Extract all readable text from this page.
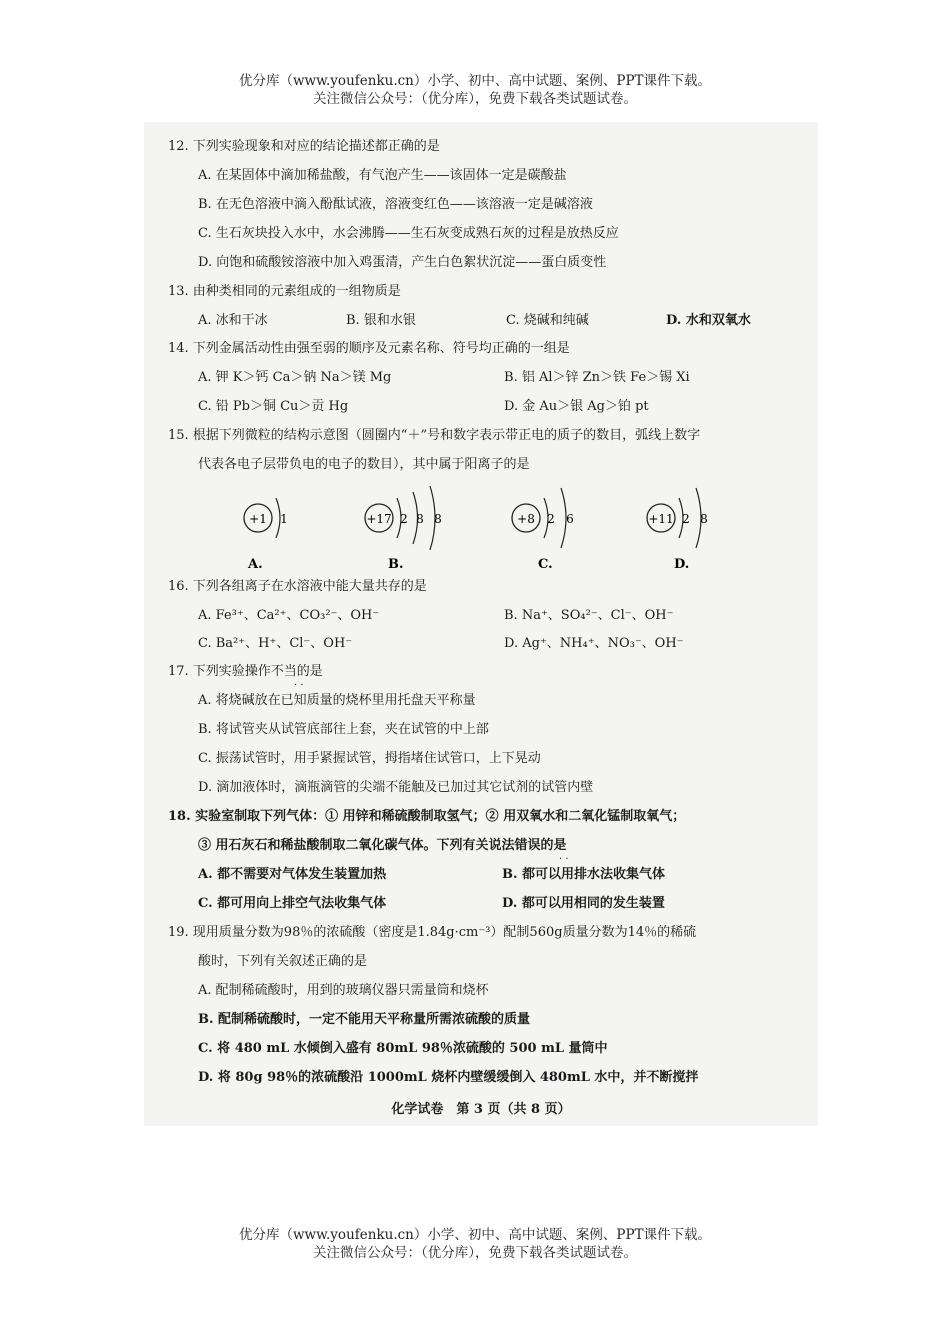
优分库（www.youfenku.cn）小学、初中、高中试题、案例、PPT课件下载。
关注微信公众号：（优分库），免费下载各类试题试卷。
12. 下列实验现象和对应的结论描述都正确的是
A. 在某固体中滴加稀盐酸，有气泡产生——该固体一定是碳酸盐
B. 在无色溶液中滴入酚酞试液，溶液变红色——该溶液一定是碱溶液
C. 生石灰块投入水中，水会沸腾——生石灰变成熟石灰的过程是放热反应
D. 向饱和硫酸铵溶液中加入鸡蛋清，产生白色絮状沉淀——蛋白质变性
13. 由种类相同的元素组成的一组物质是
A. 冰和干冰	B. 银和水银	C. 烧碱和纯碱	D. 水和双氧水
14. 下列金属活动性由强至弱的顺序及元素名称、符号均正确的一组是
A. 钾 K＞钙 Ca＞钠 Na＞镁 Mg	B. 铝 Al＞锌 Zn＞铁 Fe＞锡 Xi
C. 铅 Pb＞铜 Cu＞贡 Hg	D. 金 Au＞银 Ag＞铂 pt
15. 根据下列微粒的结构示意图（圆圈内“＋”号和数字表示带正电的质子的数目，弧线上数字
代表各电子层带负电的电子的数目），其中属于阳离子的是
+1 1
A.
+17 2 8 8
B.
+8 2 6
C.
+11 2 8
D.
16. 下列各组离子在水溶液中能大量共存的是
A. Fe³⁺、Ca²⁺、CO₃²⁻、OH⁻	B. Na⁺、SO₄²⁻、Cl⁻、OH⁻
C. Ba²⁺、H⁺、Cl⁻、OH⁻	D. Ag⁺、NH₄⁺、NO₃⁻、OH⁻
17. 下列实验操作不当的是
· ·
A. 将烧碱放在已知质量的烧杯里用托盘天平称量
B. 将试管夹从试管底部往上套，夹在试管的中上部
C. 振荡试管时，用手紧握试管，拇指堵住试管口，上下晃动
D. 滴加液体时，滴瓶滴管的尖端不能触及已加过其它试剂的试管内壁
18. 实验室制取下列气体：① 用锌和稀硫酸制取氢气；② 用双氧水和二氧化锰制取氧气；
③ 用石灰石和稀盐酸制取二氧化碳气体。下列有关说法错误的是
· ·
A. 都不需要对气体发生装置加热	B. 都可以用排水法收集气体
C. 都可用向上排空气法收集气体	D. 都可以用相同的发生装置
19. 现用质量分数为98％的浓硫酸（密度是1.84g·cm⁻³）配制560g质量分数为14％的稀硫
酸时，下列有关叙述正确的是
A. 配制稀硫酸时，用到的玻璃仪器只需量筒和烧杯
B. 配制稀硫酸时，一定不能用天平称量所需浓硫酸的质量
C. 将 480 mL 水倾倒入盛有 80mL 98％浓硫酸的 500 mL 量筒中
D. 将 80g 98％的浓硫酸沿 1000mL 烧杯内壁缓缓倒入 480mL 水中，并不断搅拌
化学试卷　第 3 页（共 8 页）
优分库（www.youfenku.cn）小学、初中、高中试题、案例、PPT课件下载。
关注微信公众号：（优分库），免费下载各类试题试卷。
